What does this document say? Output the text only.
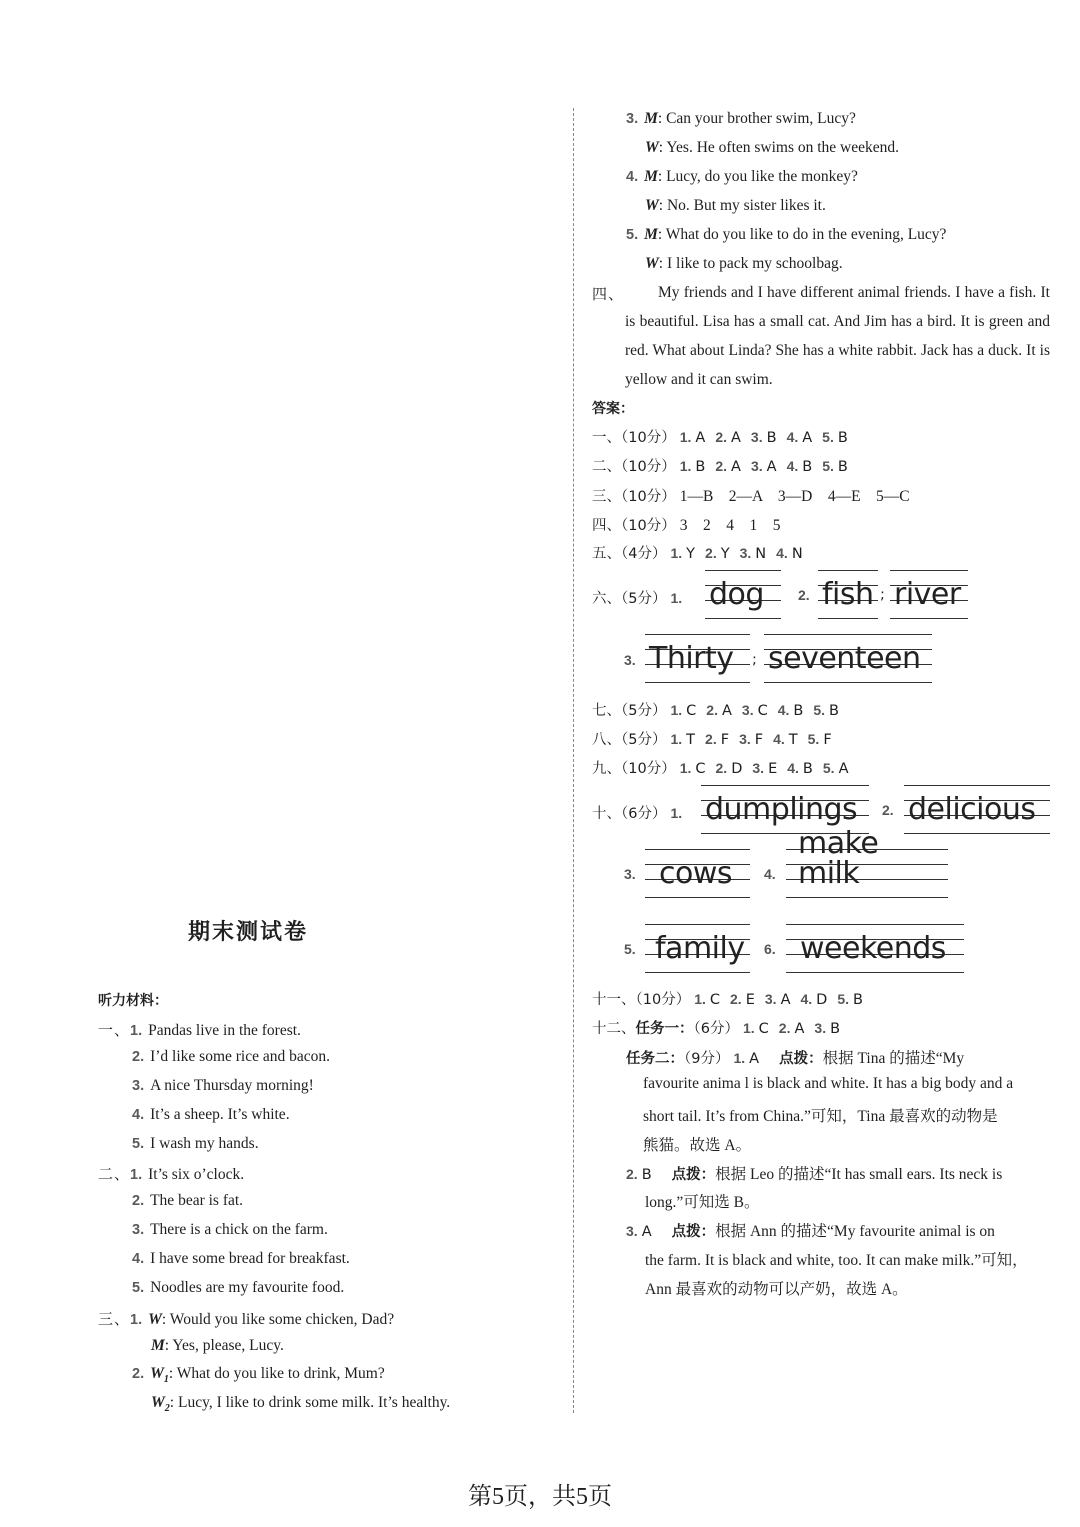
期末测试卷
听力材料：
一、1. Pandas live in the forest.
2. I’d like some rice and bacon.
3. A nice Thursday morning!
4. It’s a sheep. It’s white.
5. I wash my hands.
二、1. It’s six o’clock.
2. The bear is fat.
3. There is a chick on the farm.
4. I have some bread for breakfast.
5. Noodles are my favourite food.
三、1. W: Would you like some chicken, Dad?
M: Yes, please, Lucy.
2. $W_1$: What do you like to drink, Mum?
$W_2$: Lucy, I like to drink some milk. It’s healthy.
3. M: Can your brother swim, Lucy?
W: Yes. He often swims on the weekend.
4. M: Lucy, do you like the monkey?
W: No. But my sister likes it.
5. M: What do you like to do in the evening, Lucy?
W: I like to pack my schoolbag.
四、	My friends and I have different animal friends. I have a fish. It is beautiful. Lisa has a small cat. And Jim has a bird. It is green and red. What about Linda? She has a white rabbit. Jack has a duck. It is yellow and it can swim.
答案：
一、（10分） 1. A 2. A 3. B 4. A 5. B
二、（10分） 1. B 2. A 3. A 4. B 5. B
三、（10分） 1—B　2—A　3—D　4—E　5—C
四、（10分） 3　2　4　1　5
五、（4分） 1. Y 2. Y 3. N 4. N
六、（5分） 1. dog 2. fish ; river
3. Thirty ; seventeen
七、（5分） 1. C 2. A 3. C 4. B 5. B
八、（5分） 1. T 2. F 3. F 4. T 5. F
九、（10分） 1. C 2. D 3. E 4. B 5. A
十、（6分） 1. dumplings 2. delicious
3. cows 4.
make milk
5. family 6. weekends
十一、（10分） 1. C 2. E 3. A 4. D 5. B
十二、任务一：（6分） 1. C 2. A 3. B
任务二：（9分） 1. A 点拨：根据 Tina 的描述“My
favourite anima l is black and white. It has a big body and a
short tail. It’s from China.”可知，Tina 最喜欢的动物是
熊猫。故选 A。
2. B 点拨：根据 Leo 的描述“It has small ears. Its neck is
long.”可知选 B。
3. A 点拨：根据 Ann 的描述“My favourite animal is on
the farm. It is black and white, too. It can make milk.”可知，
Ann 最喜欢的动物可以产奶，故选 A。
第5页，共5页
